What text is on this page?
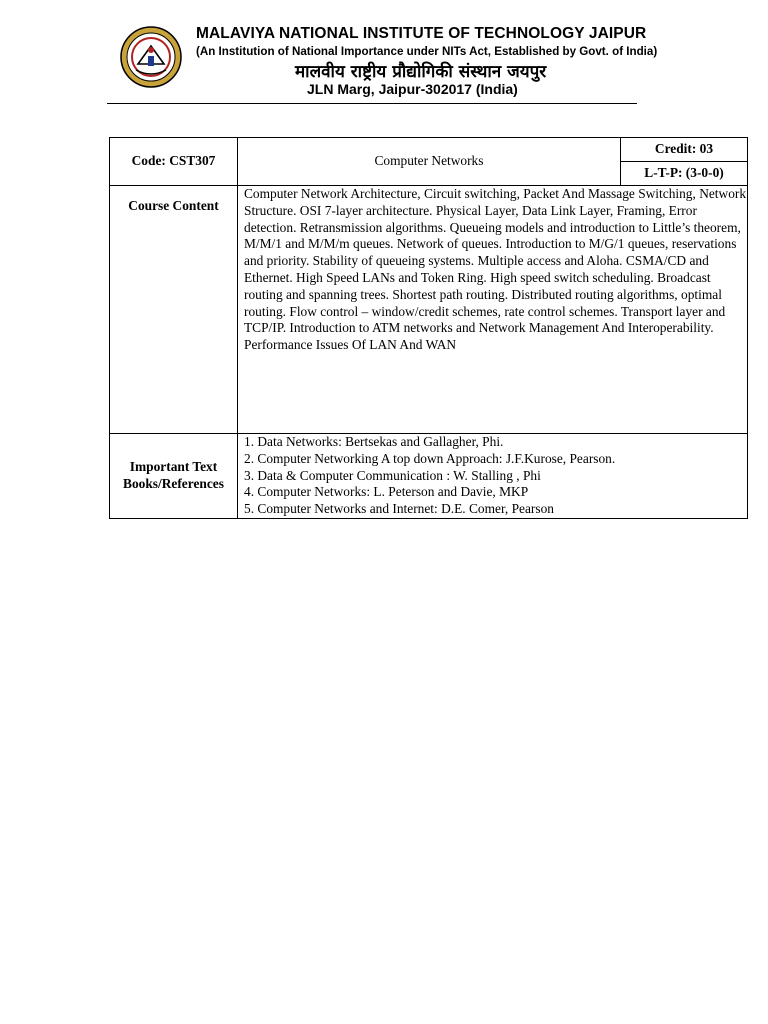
MALAVIYA NATIONAL INSTITUTE OF TECHNOLOGY JAIPUR
(An Institution of National Importance under NITs Act, Established by Govt. of India)
मालवीय राष्ट्रीय प्रौद्योगिकी संस्थान जयपुर
JLN Marg, Jaipur-302017 (India)
Code: CST307	Computer Networks	Credit: 03
		L-T-P: (3-0-0)
Course Content	Computer Network Architecture, Circuit switching, Packet And Massage Switching, Network Structure. OSI 7-layer architecture. Physical Layer, Data Link Layer, Framing, Error detection. Retransmission algorithms. Queueing models and introduction to Little’s theorem, M/M/1 and M/M/m queues. Network of queues. Introduction to M/G/1 queues, reservations and priority. Stability of queueing systems. Multiple access and Aloha. CSMA/CD and Ethernet. High Speed LANs and Token Ring. High speed switch scheduling. Broadcast routing and spanning trees. Shortest path routing. Distributed routing algorithms, optimal routing. Flow control – window/credit schemes, rate control schemes. Transport layer and TCP/IP. Introduction to ATM networks and Network Management And Interoperability. Performance Issues Of LAN And WAN	

Important Text
Books/References	1. Data Networks: Bertsekas and Gallagher, Phi.
2. Computer Networking A top down Approach: J.F.Kurose, Pearson.
3. Data & Computer Communication : W. Stalling , Phi
4. Computer Networks: L. Peterson and Davie, MKP
5. Computer Networks and Internet: D.E. Comer, Pearson	
